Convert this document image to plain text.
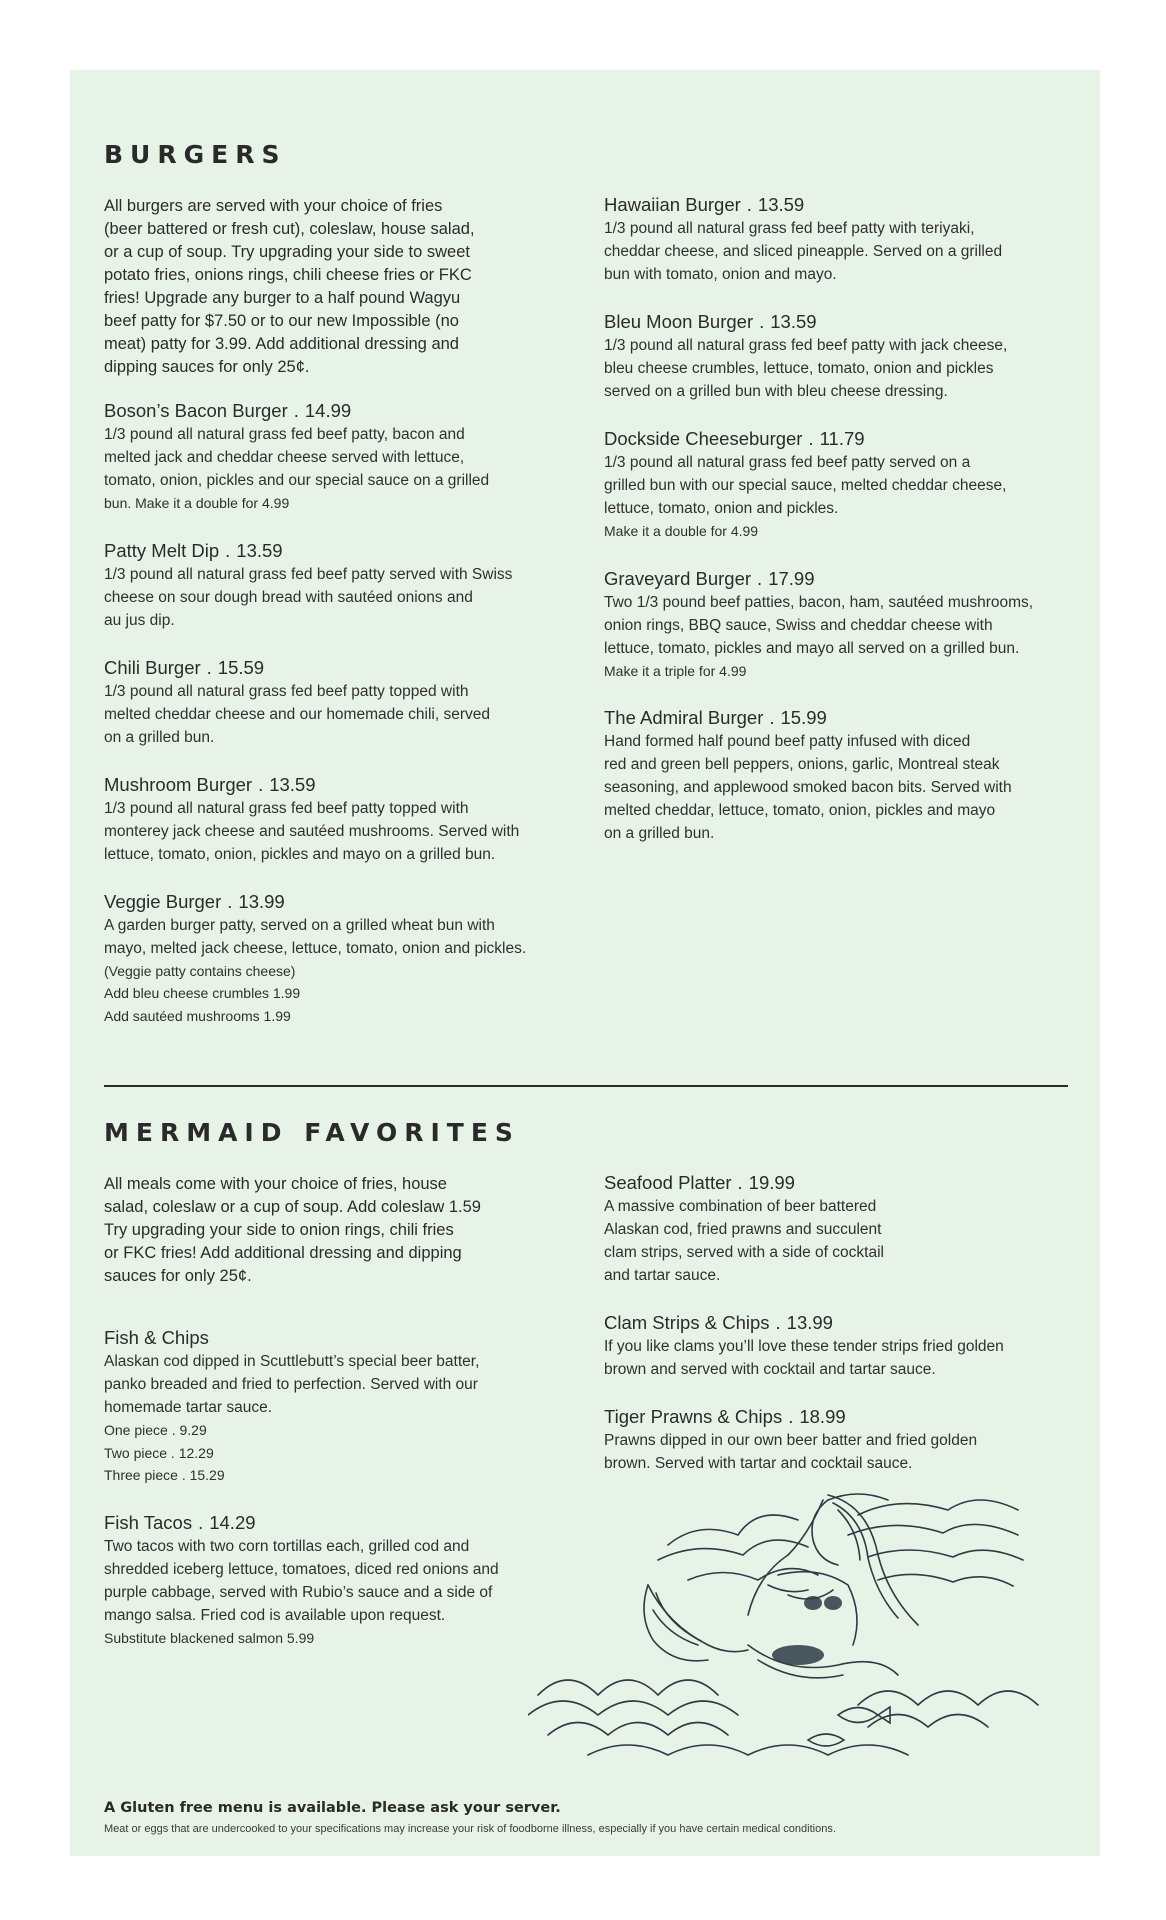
BURGERS

All burgers are served with your choice of fries

(beer battered or fresh cut), coleslaw, house salad,

or a cup of soup. Try upgrading your side to sweet

potato fries, onions rings, chili cheese fries or FKC

fries! Upgrade any burger to a half pound Wagyu

beef patty for $7.50 or to our new Impossible (no

meat) patty for 3.99. Add additional dressing and

dipping sauces for only 25¢.

Boson’s Bacon Burger . 14.99

1/3 pound all natural grass fed beef patty, bacon and

melted jack and cheddar cheese served with lettuce,

tomato, onion, pickles and our special sauce on a grilled

bun. Make it a double for 4.99

Patty Melt Dip . 13.59

1/3 pound all natural grass fed beef patty served with Swiss

cheese on sour dough bread with sautéed onions and

au jus dip.

Chili Burger . 15.59

1/3 pound all natural grass fed beef patty topped with

melted cheddar cheese and our homemade chili, served

on a grilled bun.

Mushroom Burger . 13.59

1/3 pound all natural grass fed beef patty topped with

monterey jack cheese and sautéed mushrooms. Served with

lettuce, tomato, onion, pickles and mayo on a grilled bun.

Veggie Burger . 13.99

A garden burger patty, served on a grilled wheat bun with

mayo, melted jack cheese, lettuce, tomato, onion and pickles.

(Veggie patty contains cheese)

Add bleu cheese crumbles 1.99

Add sautéed mushrooms 1.99

Hawaiian Burger . 13.59

1/3 pound all natural grass fed beef patty with teriyaki,

cheddar cheese, and sliced pineapple. Served on a grilled

bun with tomato, onion and mayo.

Bleu Moon Burger . 13.59

1/3 pound all natural grass fed beef patty with jack cheese,

bleu cheese crumbles, lettuce, tomato, onion and pickles

served on a grilled bun with bleu cheese dressing.

Dockside Cheeseburger . 11.79

1/3 pound all natural grass fed beef patty served on a

grilled bun with our special sauce, melted cheddar cheese,

lettuce, tomato, onion and pickles.

Make it a double for 4.99

Graveyard Burger . 17.99

Two 1/3 pound beef patties, bacon, ham, sautéed mushrooms,

onion rings, BBQ sauce, Swiss and cheddar cheese with

lettuce, tomato, pickles and mayo all served on a grilled bun.

Make it a triple for 4.99

The Admiral Burger . 15.99

Hand formed half pound beef patty infused with diced

red and green bell peppers, onions, garlic, Montreal steak

seasoning, and applewood smoked bacon bits. Served with

melted cheddar, lettuce, tomato, onion, pickles and mayo

on a grilled bun.

MERMAID FAVORITES

All meals come with your choice of fries, house

salad, coleslaw or a cup of soup. Add coleslaw 1.59

Try upgrading your side to onion rings, chili fries

or FKC fries! Add additional dressing and dipping

sauces for only 25¢.

Fish & Chips

Alaskan cod dipped in Scuttlebutt’s special beer batter,

panko breaded and fried to perfection. Served with our

homemade tartar sauce.

One piece . 9.29

Two piece . 12.29

Three piece . 15.29

Fish Tacos . 14.29

Two tacos with two corn tortillas each, grilled cod and

shredded iceberg lettuce, tomatoes, diced red onions and

purple cabbage, served with Rubio’s sauce and a side of

mango salsa. Fried cod is available upon request.

Substitute blackened salmon 5.99

Seafood Platter . 19.99

A massive combination of beer battered

Alaskan cod, fried prawns and succulent

clam strips, served with a side of cocktail

and tartar sauce.

Clam Strips & Chips . 13.99

If you like clams you’ll love these tender strips fried golden

brown and served with cocktail and tartar sauce.

Tiger Prawns & Chips . 18.99

Prawns dipped in our own beer batter and fried golden

brown. Served with tartar and cocktail sauce.

A Gluten free menu is available. Please ask your server.

Meat or eggs that are undercooked to your specifications may increase your risk of foodborne illness, especially if you have certain medical conditions.
